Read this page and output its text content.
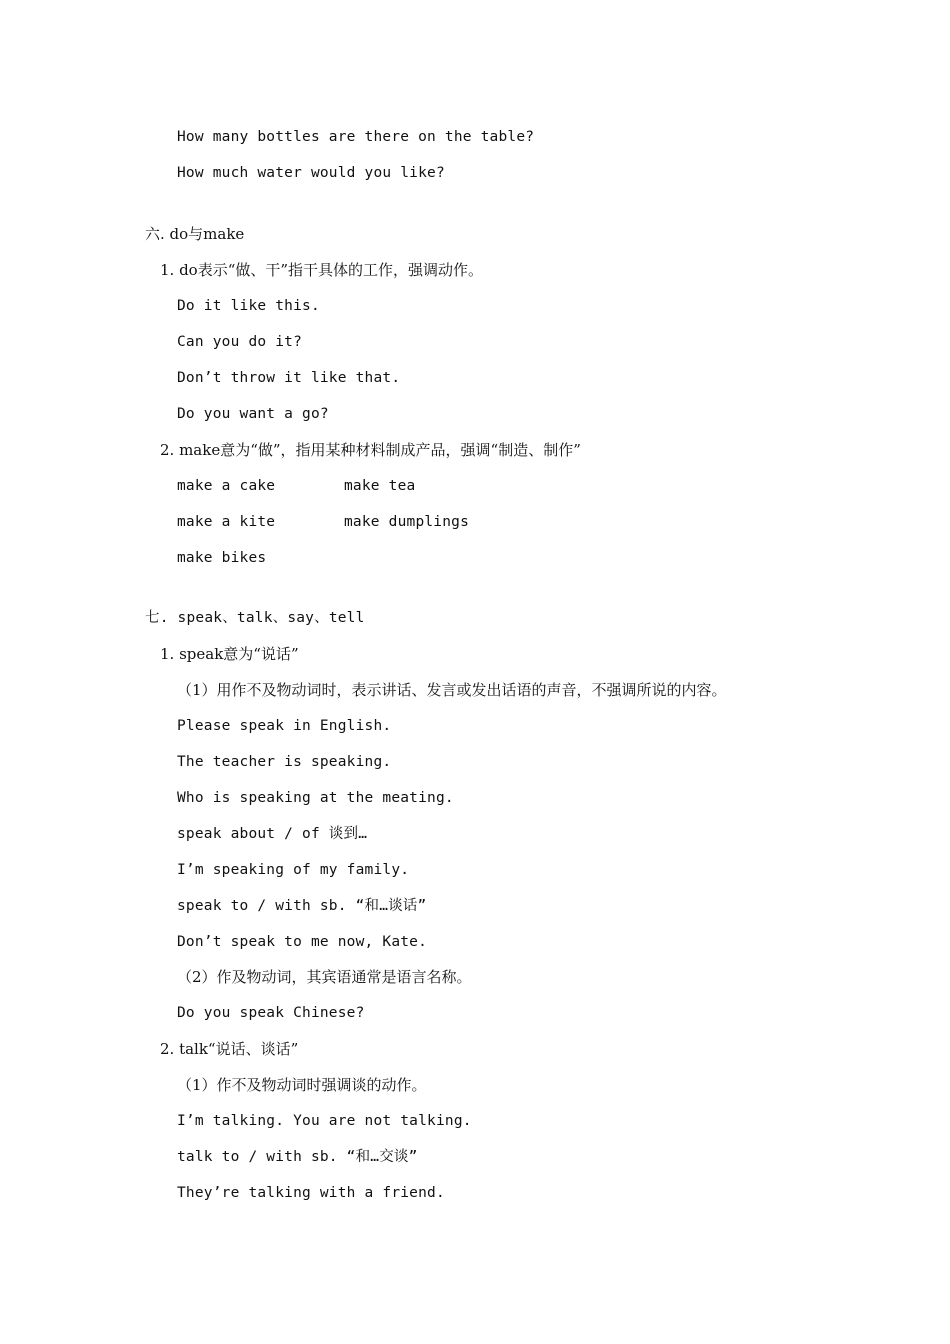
How many bottles are there on the table?
How much water would you like?
六. do与make
1. do表示“做、干”指干具体的工作，强调动作。
Do it like this.
Can you do it?
Don’t throw it like that.
Do you want a go?
2. make意为“做”，指用某种材料制成产品，强调“制造、制作”
make a cake	make tea
make a kite	make dumplings
make bikes
七. speak、talk、say、tell
1. speak意为“说话”
（1）用作不及物动词时，表示讲话、发言或发出话语的声音，不强调所说的内容。
Please speak in English.
The teacher is speaking.
Who is speaking at the meating.
speak about / of 谈到…
I’m speaking of my family.
speak to / with sb. “和…谈话”
Don’t speak to me now, Kate.
（2）作及物动词，其宾语通常是语言名称。
Do you speak Chinese?
2. talk“说话、谈话”
（1）作不及物动词时强调谈的动作。
I’m talking. You are not talking.
talk to / with sb. “和…交谈”
They’re talking with a friend.
